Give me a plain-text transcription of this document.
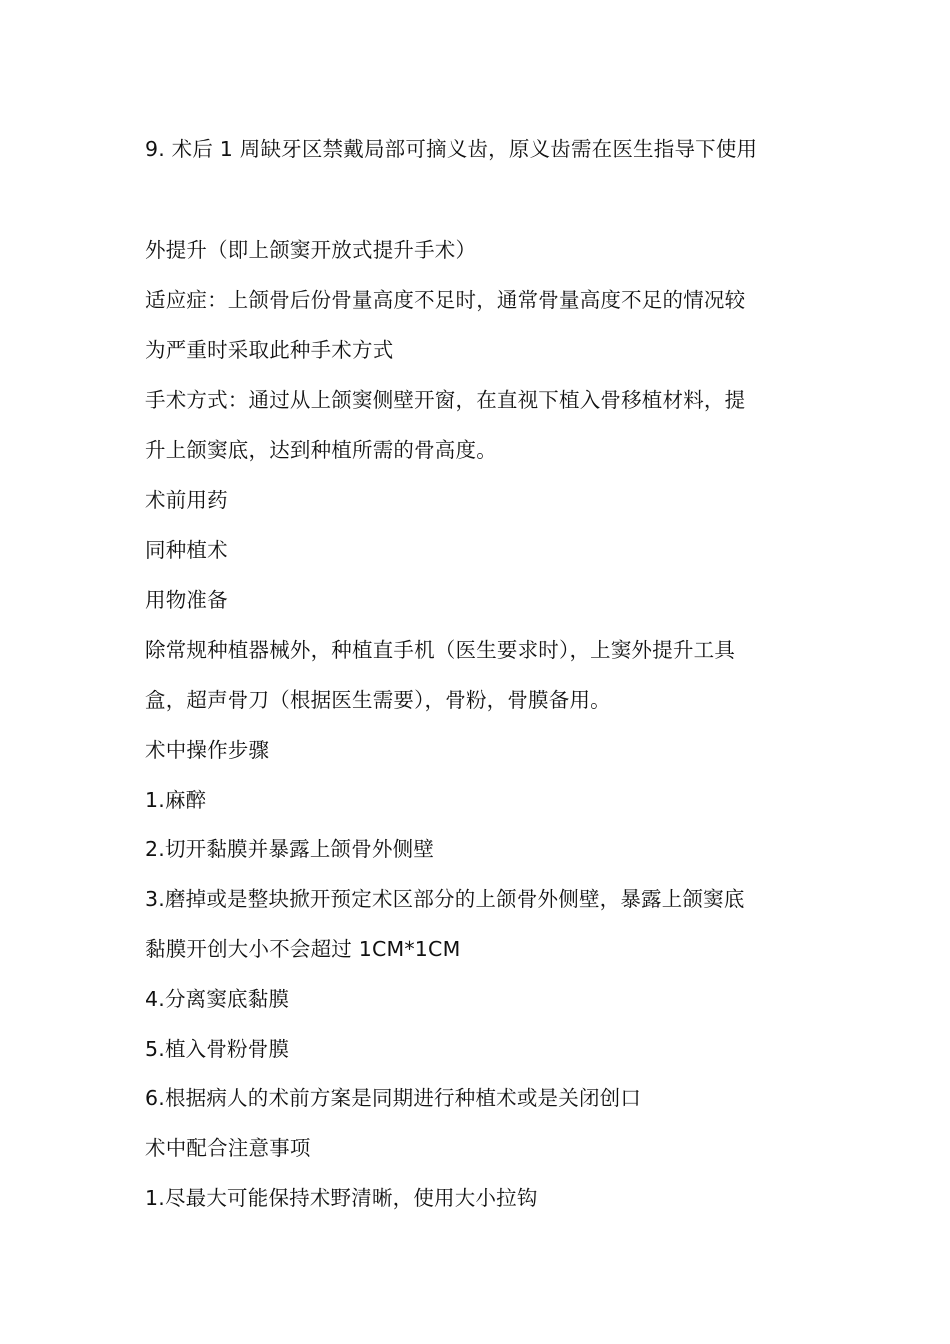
9. 术后 1 周缺牙区禁戴局部可摘义齿，原义齿需在医生指导下使用
外提升（即上颌窦开放式提升手术）
适应症：上颌骨后份骨量高度不足时，通常骨量高度不足的情况较
为严重时采取此种手术方式
手术方式：通过从上颌窦侧壁开窗，在直视下植入骨移植材料，提
升上颌窦底，达到种植所需的骨高度。
术前用药
同种植术
用物准备
除常规种植器械外，种植直手机（医生要求时），上窦外提升工具
盒，超声骨刀（根据医生需要），骨粉，骨膜备用。
术中操作步骤
1.麻醉
2.切开黏膜并暴露上颌骨外侧壁
3.磨掉或是整块掀开预定术区部分的上颌骨外侧壁，暴露上颌窦底
黏膜开创大小不会超过 1CM*1CM
4.分离窦底黏膜
5.植入骨粉骨膜
6.根据病人的术前方案是同期进行种植术或是关闭创口
术中配合注意事项
1.尽最大可能保持术野清晰，使用大小拉钩
